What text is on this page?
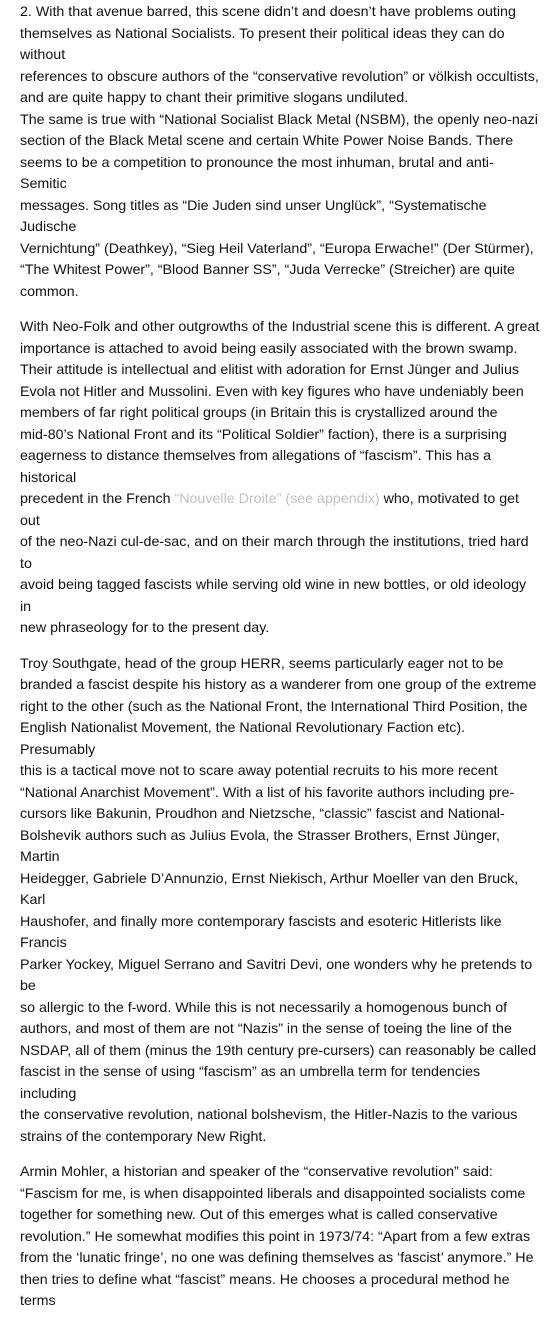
2. With that avenue barred, this scene didn’t and doesn’t have problems outing
themselves as National Socialists. To present their political ideas they can do without
references to obscure authors of the “conservative revolution” or völkish occultists,
and are quite happy to chant their primitive slogans undiluted.
The same is true with “National Socialist Black Metal (NSBM), the openly neo-nazi
section of the Black Metal scene and certain White Power Noise Bands. There
seems to be a competition to pronounce the most inhuman, brutal and anti-Semitic
messages. Song titles as “Die Juden sind unser Unglück”, “Systematische Judische
Vernichtung” (Deathkey), “Sieg Heil Vaterland”, “Europa Erwache!” (Der Stürmer),
“The Whitest Power”, “Blood Banner SS”, “Juda Verrecke” (Streicher) are quite
common.

With Neo-Folk and other outgrowths of the Industrial scene this is different. A great
importance is attached to avoid being easily associated with the brown swamp.
Their attitude is intellectual and elitist with adoration for Ernst Jünger and Julius
Evola not Hitler and Mussolini. Even with key figures who have undeniably been
members of far right political groups (in Britain this is crystallized around the
mid-80’s National Front and its “Political Soldier” faction), there is a surprising
eagerness to distance themselves from allegations of “fascism”. This has a historical
precedent in the French “Nouvelle Droite” (see appendix) who, motivated to get out
of the neo-Nazi cul-de-sac, and on their march through the institutions, tried hard to
avoid being tagged fascists while serving old wine in new bottles, or old ideology in
new phraseology for to the present day.

Troy Southgate, head of the group HERR, seems particularly eager not to be
branded a fascist despite his history as a wanderer from one group of the extreme
right to the other (such as the National Front, the International Third Position, the
English Nationalist Movement, the National Revolutionary Faction etc). Presumably
this is a tactical move not to scare away potential recruits to his more recent
“National Anarchist Movement”. With a list of his favorite authors including pre-
cursors like Bakunin, Proudhon and Nietzsche, “classic” fascist and National-
Bolshevik authors such as Julius Evola, the Strasser Brothers, Ernst Jünger, Martin
Heidegger, Gabriele D’Annunzio, Ernst Niekisch, Arthur Moeller van den Bruck, Karl
Haushofer, and finally more contemporary fascists and esoteric Hitlerists like Francis
Parker Yockey, Miguel Serrano and Savitri Devi, one wonders why he pretends to be
so allergic to the f-word. While this is not necessarily a homogenous bunch of
authors, and most of them are not “Nazis” in the sense of toeing the line of the
NSDAP, all of them (minus the 19th century pre-cursers) can reasonably be called
fascist in the sense of using “fascism” as an umbrella term for tendencies including
the conservative revolution, national bolshevism, the Hitler-Nazis to the various
strains of the contemporary New Right.

Armin Mohler, a historian and speaker of the “conservative revolution” said:
“Fascism for me, is when disappointed liberals and disappointed socialists come
together for something new. Out of this emerges what is called conservative
revolution.” He somewhat modifies this point in 1973/74: “Apart from a few extras
from the ‘lunatic fringe’, no one was defining themselves as ‘fascist’ anymore.” He
then tries to define what “fascist” means. He chooses a procedural method he terms
